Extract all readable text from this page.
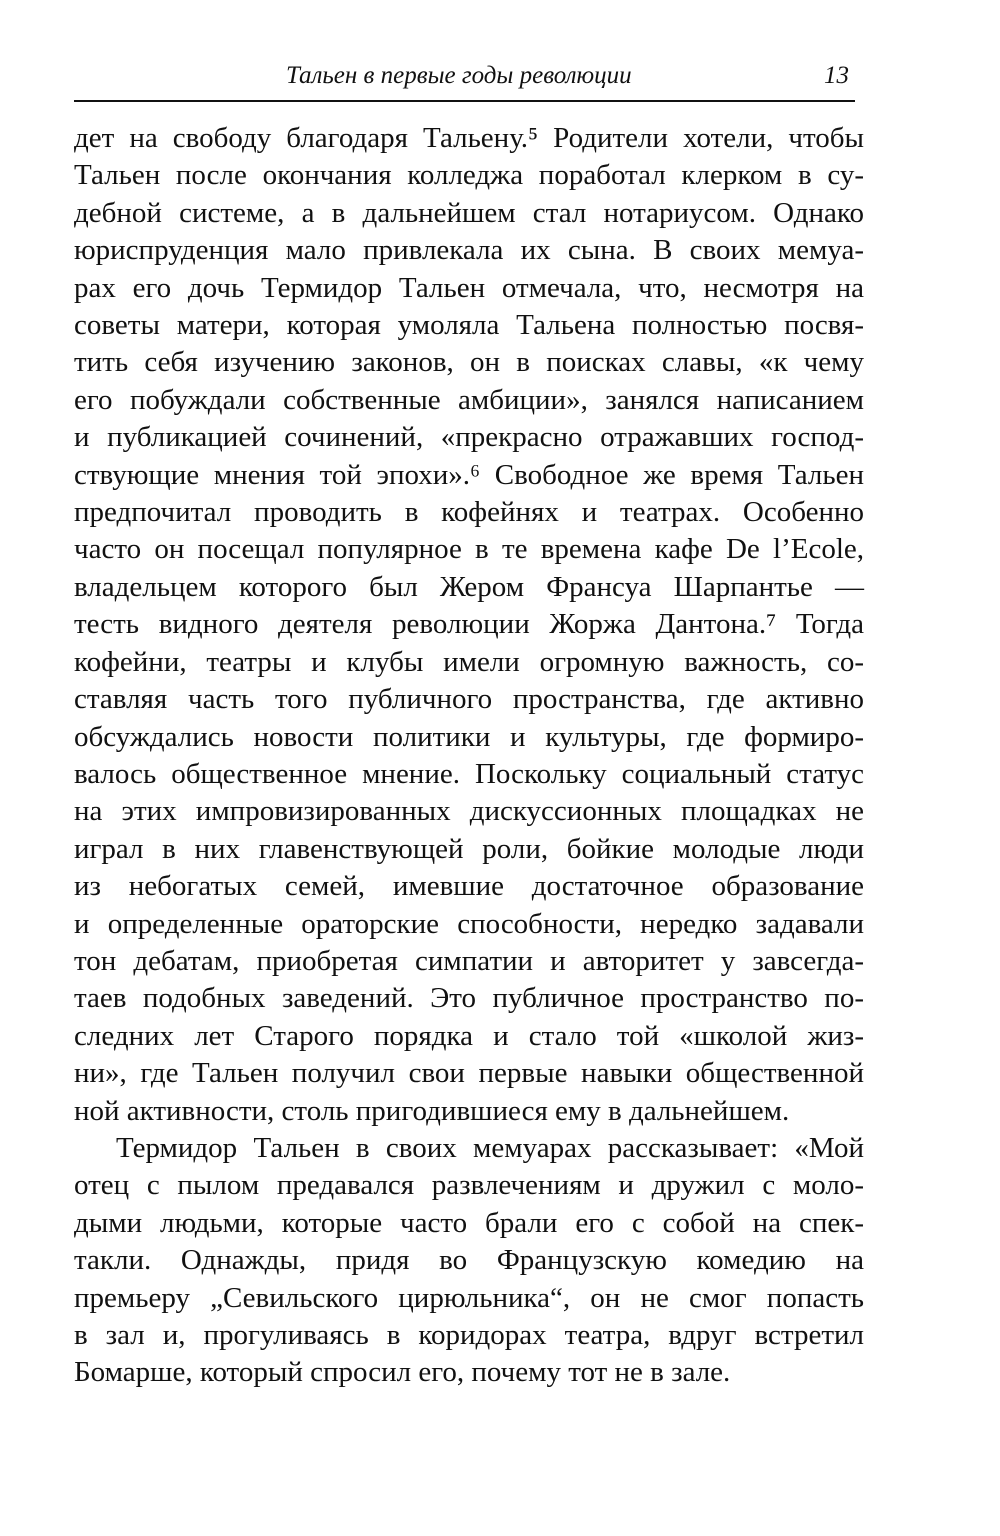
Тальен в первые годы революции	13
дет на свободу благодаря Тальену.⁵ Родители хотели, чтобы
Тальен после окончания колледжа поработал клерком в су-
дебной системе, а в дальнейшем стал нотариусом. Однако
юриспруденция мало привлекала их сына. В своих мемуа-
рах его дочь Термидор Тальен отмечала, что, несмотря на
советы матери, которая умоляла Тальена полностью посвя-
тить себя изучению законов, он в поисках славы, «к чему
его побуждали собственные амбиции», занялся написанием
и публикацией сочинений, «прекрасно отражавших господ-
ствующие мнения той эпохи».⁶ Свободное же время Тальен
предпочитал проводить в кофейнях и театрах. Особенно
часто он посещал популярное в те времена кафе De l’Ecole,
владельцем которого был Жером Франсуа Шарпантье —
тесть видного деятеля революции Жоржа Дантона.⁷ Тогда
кофейни, театры и клубы имели огромную важность, со-
ставляя часть того публичного пространства, где активно
обсуждались новости политики и культуры, где формиро-
валось общественное мнение. Поскольку социальный статус
на этих импровизированных дискуссионных площадках не
играл в них главенствующей роли, бойкие молодые люди
из небогатых семей, имевшие достаточное образование
и определенные ораторские способности, нередко задавали
тон дебатам, приобретая симпатии и авторитет у завсегда-
таев подобных заведений. Это публичное пространство по-
следних лет Старого порядка и стало той «школой жиз-
ни», где Тальен получил свои первые навыки общественной
ной активности, столь пригодившиеся ему в дальнейшем.
Термидор Тальен в своих мемуарах рассказывает: «Мой
отец с пылом предавался развлечениям и дружил с моло-
дыми людьми, которые часто брали его с собой на спек-
такли. Однажды, придя во Французскую комедию на
премьеру „Севильского цирюльника“, он не смог попасть
в зал и, прогуливаясь в коридорах театра, вдруг встретил
Бомарше, который спросил его, почему тот не в зале.
